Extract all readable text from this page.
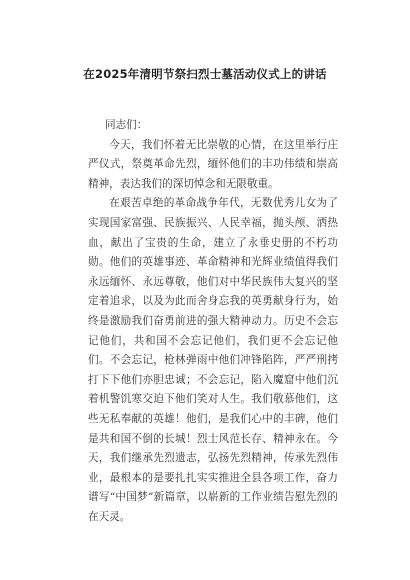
在2025年清明节祭扫烈士墓活动仪式上的讲话

同志们：

今天，我们怀着无比崇敬的心情，在这里举行庄严仪式，祭奠革命先烈，缅怀他们的丰功伟绩和崇高精神，表达我们的深切悼念和无限敬重。

在艰苦卓绝的革命战争年代，无数优秀儿女为了实现国家富强、民族振兴、人民幸福，抛头颅、洒热血，献出了宝贵的生命，建立了永垂史册的不朽功勋。他们的英雄事迹、革命精神和光辉业绩值得我们永远缅怀、永远尊敬，他们对中华民族伟大复兴的坚定着追求，以及为此而舍身忘我的英勇献身行为，始终是激励我们奋勇前进的强大精神动力。历史不会忘记他们，共和国不会忘记他们，我们更不会忘记他们。不会忘记，枪林弹雨中他们冲锋陷阵，严严刑拷打下下他们亦胆忠诚；不会忘记，陷入魔窟中他们沉着机警饥寒交迫下他们笑对人生。我们敬慕他们，这些无私奉献的英雄！他们，是我们心中的丰碑，他们是共和国不倒的长城！烈士风范长存、精神永在。今天，我们继承先烈遗志，弘扬先烈精神，传承先烈伟业，最根本的是要扎扎实实推进全县各项工作，奋力谱写“中国梦”新篇章，以崭新的工作业绩告慰先烈的在天灵。
